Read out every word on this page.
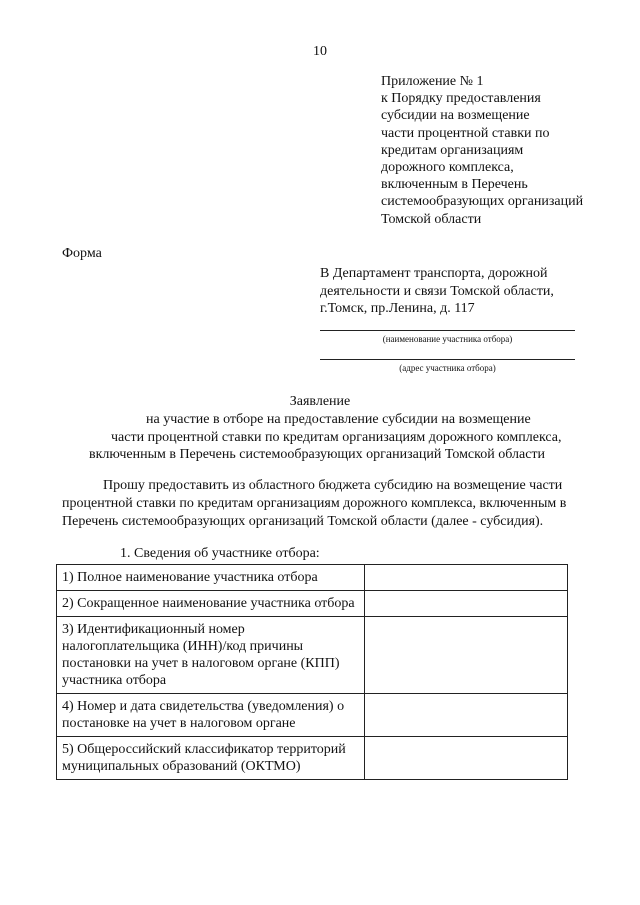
10
Приложение № 1
к Порядку предоставления
субсидии на возмещение
части процентной ставки по
кредитам организациям
дорожного комплекса,
включенным в Перечень
системообразующих организаций
Томской области
Форма
В Департамент транспорта, дорожной
деятельности и связи Томской области,
г.Томск, пр.Ленина, д. 117
(наименование участника отбора)
(адрес участника отбора)
Заявление
на участие в отборе на предоставление субсидии на возмещение
части процентной ставки по кредитам организациям дорожного комплекса,
включенным в Перечень системообразующих организаций Томской области
Прошу предоставить из областного бюджета субсидию на возмещение части
процентной ставки по кредитам организациям дорожного комплекса, включенным в
Перечень системообразующих организаций Томской области (далее - субсидия).
1. Сведения об участнике отбора:
1) Полное наименование участника отбора	
2) Сокращенное наименование участника отбора	
3) Идентификационный номер налогоплательщика (ИНН)/код причины постановки на учет в налоговом органе (КПП) участника отбора	
4) Номер и дата свидетельства (уведомления) о постановке на учет в налоговом органе	
5) Общероссийский классификатор территорий муниципальных образований (ОКТМО)	
